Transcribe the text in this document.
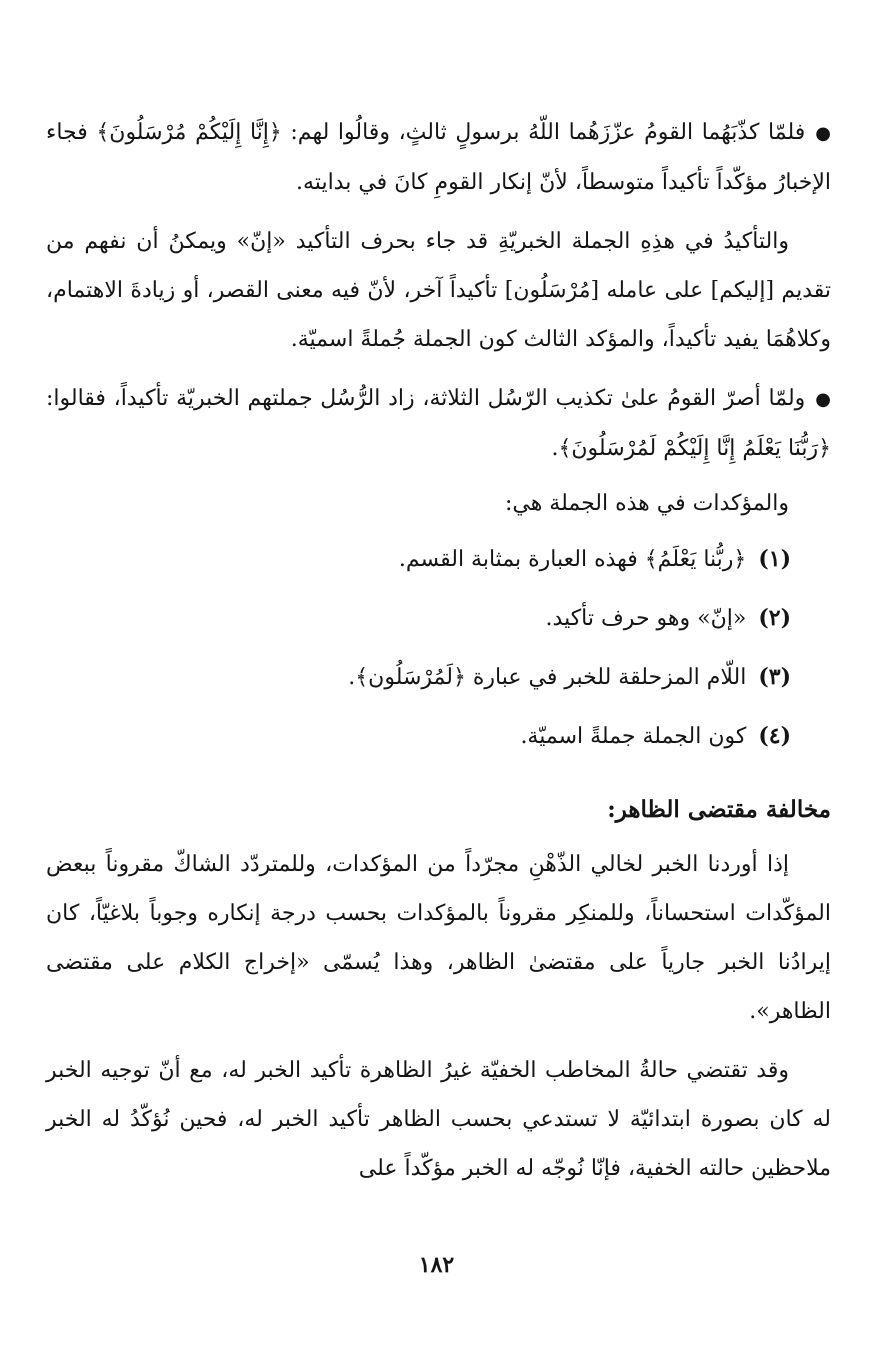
●فلمّا كذّبَهُما القومُ عزّزَهُما اللّهُ برسولٍ ثالثٍ، وقالُوا لهم: ﴿إِنَّا إِلَيْكُمْ مُرْسَلُونَ﴾ فجاء الإخبارُ مؤكّداً تأكيداً متوسطاً، لأنّ إنكار القومِ كانَ في بدايته.

والتأكيدُ في هذِهِ الجملة الخبريّةِ قد جاء بحرف التأكيد «إنّ» ويمكنُ أن نفهم من تقديم [إليكم] على عامله [مُرْسَلُون] تأكيداً آخر، لأنّ فيه معنى القصر، أو زيادةَ الاهتمام، وكلاهُمَا يفيد تأكيداً، والمؤكد الثالث كون الجملة جُملةً اسميّة.

●ولمّا أصرّ القومُ علىٰ تكذيب الرّسُل الثلاثة، زاد الرُّسُل جملتهم الخبريّة تأكيداً، فقالوا: ﴿رَبُّنَا يَعْلَمُ إِنَّا إِلَيْكُمْ لَمُرْسَلُونَ﴾.

والمؤكدات في هذه الجملة هي:

(١)﴿ربُّنا يَعْلَمُ﴾ فهذه العبارة بمثابة القسم.
(٢)«إنّ» وهو حرف تأكيد.
(٣)اللّام المزحلقة للخبر في عبارة ﴿لَمُرْسَلُون﴾.
(٤)كون الجملة جملةً اسميّة.
مخالفة مقتضى الظاهر:

إذا أوردنا الخبر لخالي الذّهْنِ مجرّداً من المؤكدات، وللمتردّد الشاكّ مقروناً ببعض المؤكّدات استحساناً، وللمنكِر مقروناً بالمؤكدات بحسب درجة إنكاره وجوباً بلاغيّاً، كان إيرادُنا الخبر جارياً على مقتضىٰ الظاهر، وهذا يُسمّى «إخراج الكلام على مقتضى الظاهر».

وقد تقتضي حالةُ المخاطب الخفيّة غيرُ الظاهرة تأكيد الخبر له، مع أنّ توجيه الخبر له كان بصورة ابتدائيّة لا تستدعي بحسب الظاهر تأكيد الخبر له، فحين نُؤكّدُ له الخبر ملاحظين حالته الخفية، فإنّا نُوجّه له الخبر مؤكّداً على

١٨٢
